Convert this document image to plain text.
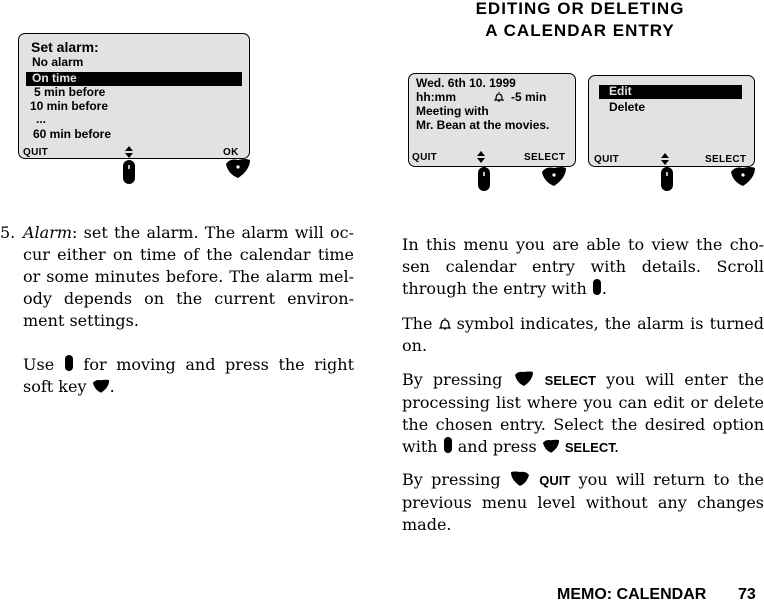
Set alarm:
No alarm
On time
5 min before
10 min before
...
60 min before
QUIT	OK
EDITING OR DELETING
A CALENDAR ENTRY
Wed. 6th 10. 1999
hh:mm	-5 min
Meeting with
Mr. Bean at the movies.
QUIT	SELECT
Edit
Delete
QUIT	SELECT
5. Alarm: set the alarm. The alarm will oc-cur either on time of the calendar time or some minutes before. The alarm mel-ody depends on the current environ-ment settings.
Use for moving and press the right soft key .
In this menu you are able to view the cho-sen calendar entry with details. Scroll through the entry with .
The symbol indicates, the alarm is turned on.
By pressing	SELECT you will enter the processing list where you can edit or delete the chosen entry. Select the desired option with and press SELECT.
By pressing	QUIT you will return to the previous menu level without any changes made.
MEMO: CALENDAR 73
